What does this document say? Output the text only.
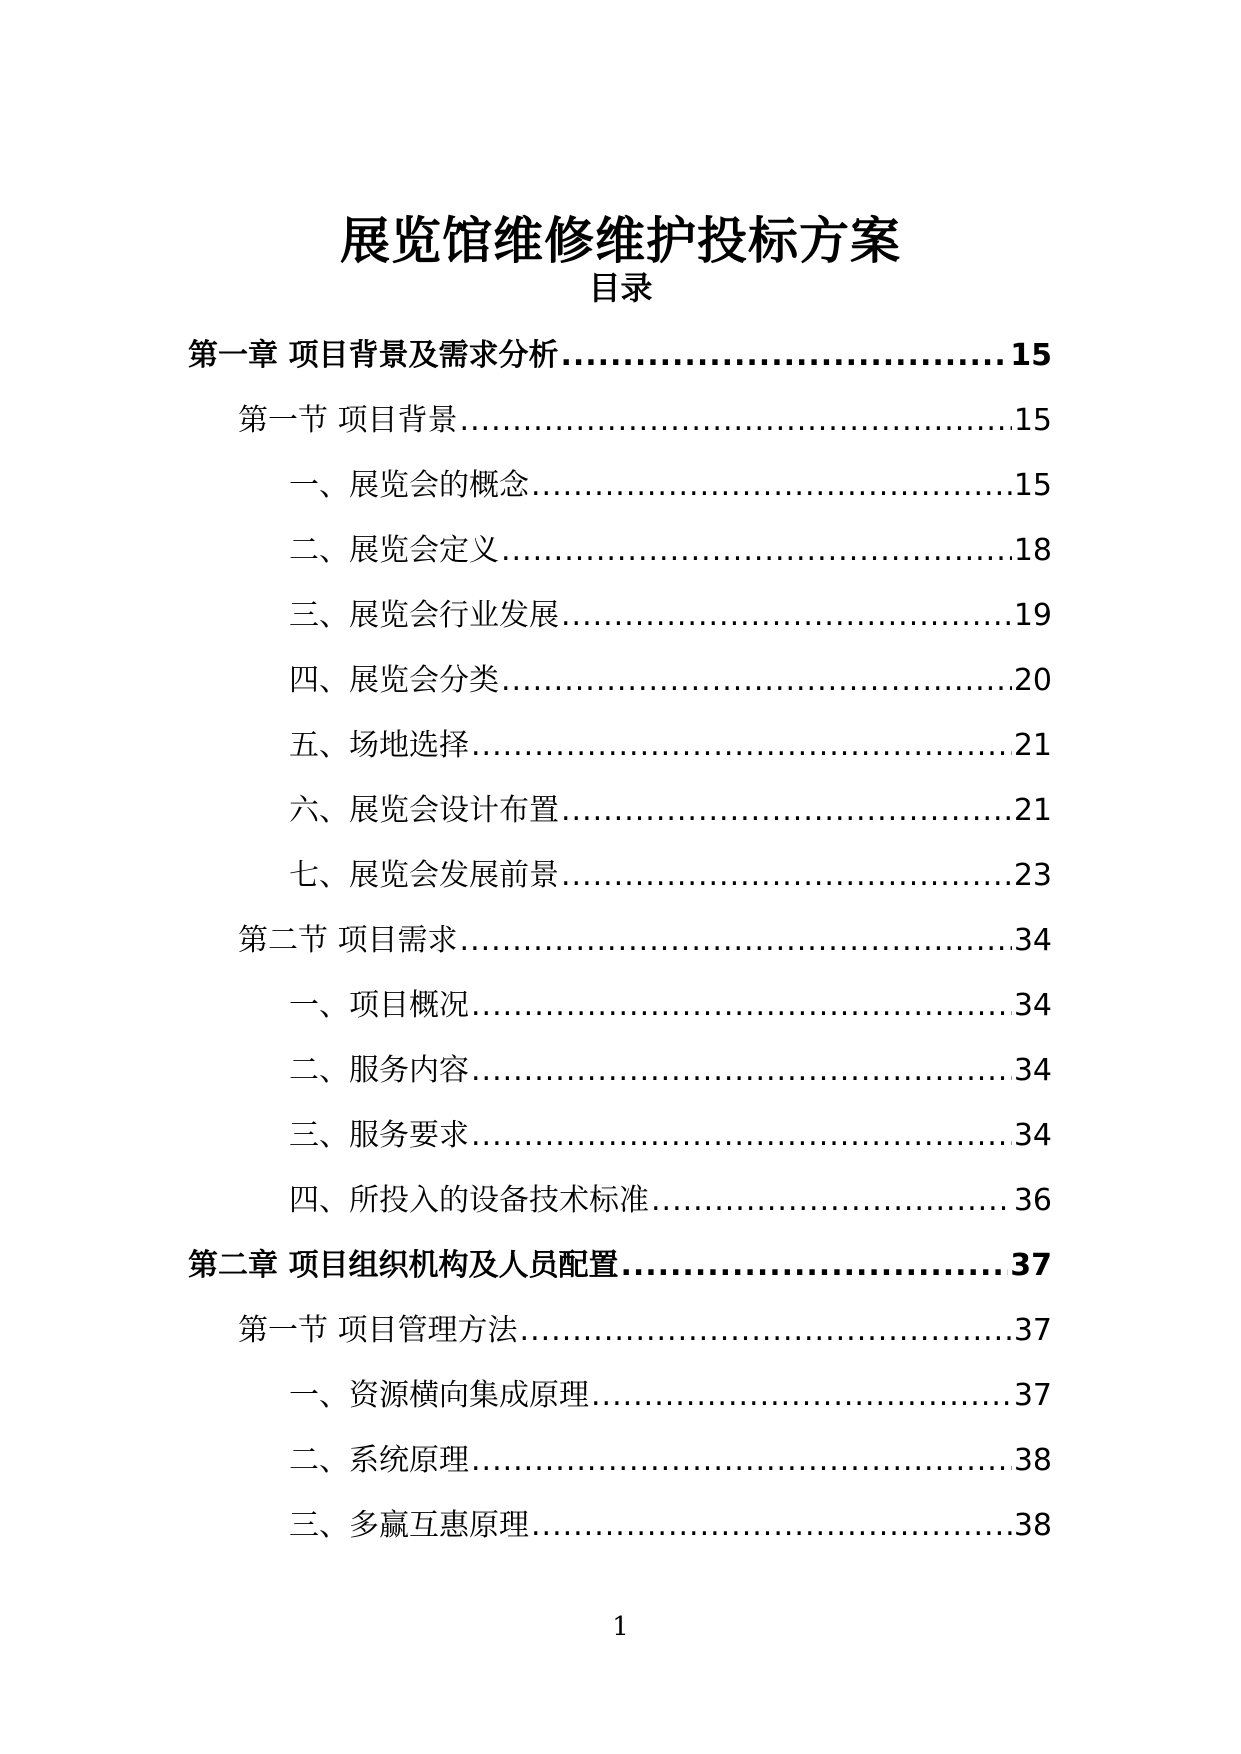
展览馆维修维护投标方案
目录
第一章 项目背景及需求分析 .....	15
第一节 项目背景 .....	15
一、展览会的概念 .....	15
二、展览会定义 .....	18
三、展览会行业发展 .....	19
四、展览会分类 .....	20
五、场地选择 .....	21
六、展览会设计布置 .....	21
七、展览会发展前景 .....	23
第二节 项目需求 .....	34
一、项目概况 .....	34
二、服务内容 .....	34
三、服务要求 .....	34
四、所投入的设备技术标准 .....	36
第二章 项目组织机构及人员配置 .....	37
第一节 项目管理方法 .....	37
一、资源横向集成原理 .....	37
二、系统原理 .....	38
三、多赢互惠原理 .....	38
1
